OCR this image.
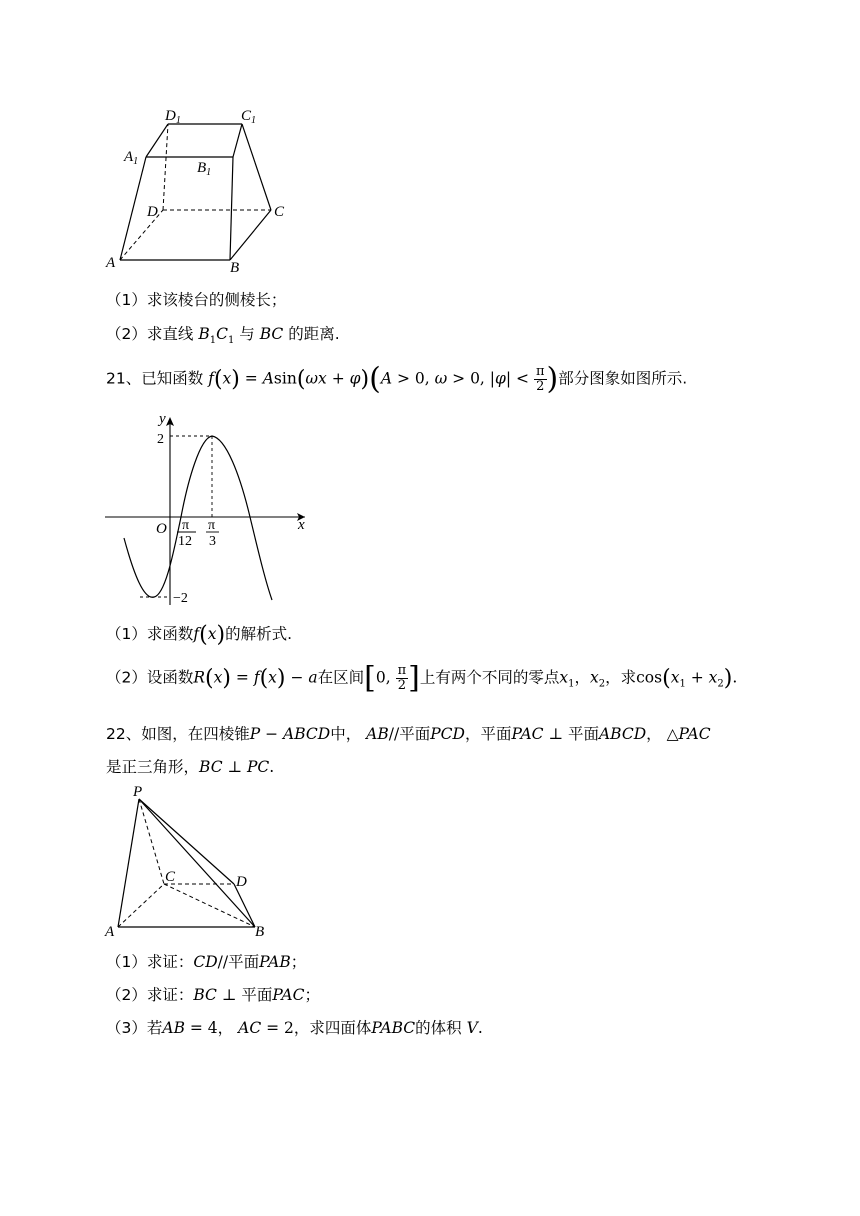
$D_1$	$C_1$
$A_1$	$B_1$
D	C
A	B
（1）求该棱台的侧棱长；
（2）求直线 $B_1C_1$ 与 BC 的距离.
21、已知函数 f(x) = Asin(ωx + φ)(A > 0, ω > 0, $|\varphi| < \frac{\pi}{2}$ )部分图象如图所示.
y
x
O
2
−2
π
12
π
3
（1）求函数f(x)的解析式.
（2）设函数R(x) = f(x) − a在区间[0, $\frac{\pi}{2}$ ]上有两个不同的零点$x_1$，$x_2$，求$\cos(x_1 + x_2)$.
22、如图，在四棱锥P − ABCD中， AB//平面PCD，平面PAC ⊥ 平面ABCD， △PAC
是正三角形，BC ⊥ PC.
P
A	B
C	D
（1）求证：CD//平面PAB；
（2）求证：BC ⊥ 平面PAC；
（3）若AB = 4， AC = 2，求四面体PABC的体积 V.
